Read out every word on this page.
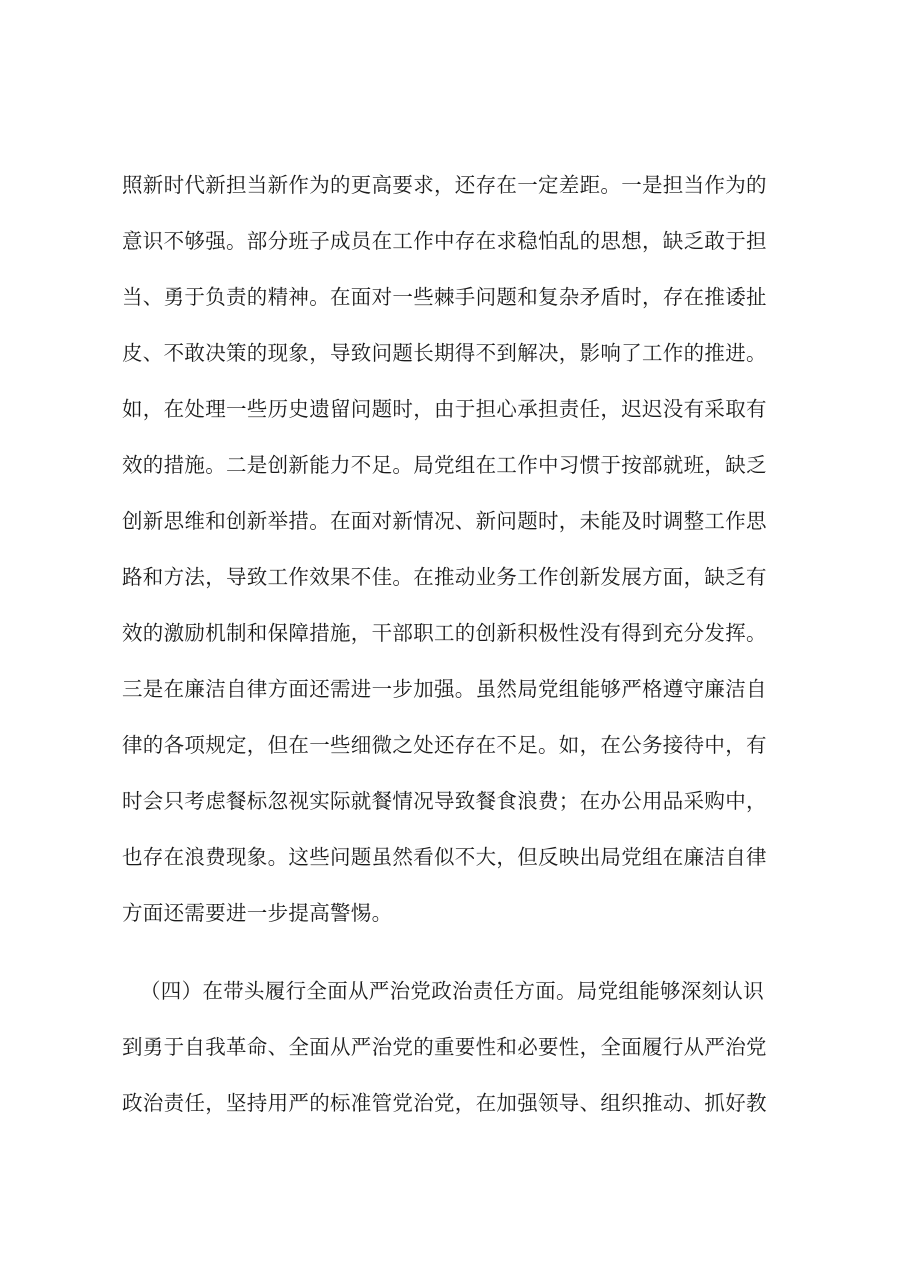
照新时代新担当新作为的更高要求，还存在一定差距。一是担当作为的
意识不够强。部分班子成员在工作中存在求稳怕乱的思想，缺乏敢于担
当、勇于负责的精神。在面对一些棘手问题和复杂矛盾时，存在推诿扯
皮、不敢决策的现象，导致问题长期得不到解决，影响了工作的推进。
如，在处理一些历史遗留问题时，由于担心承担责任，迟迟没有采取有
效的措施。二是创新能力不足。局党组在工作中习惯于按部就班，缺乏
创新思维和创新举措。在面对新情况、新问题时，未能及时调整工作思
路和方法，导致工作效果不佳。在推动业务工作创新发展方面，缺乏有
效的激励机制和保障措施，干部职工的创新积极性没有得到充分发挥。
三是在廉洁自律方面还需进一步加强。虽然局党组能够严格遵守廉洁自
律的各项规定，但在一些细微之处还存在不足。如，在公务接待中，有
时会只考虑餐标忽视实际就餐情况导致餐食浪费；在办公用品采购中，
也存在浪费现象。这些问题虽然看似不大，但反映出局党组在廉洁自律
方面还需要进一步提高警惕。
（四）在带头履行全面从严治党政治责任方面。局党组能够深刻认识
到勇于自我革命、全面从严治党的重要性和必要性，全面履行从严治党
政治责任，坚持用严的标准管党治党，在加强领导、组织推动、抓好教
